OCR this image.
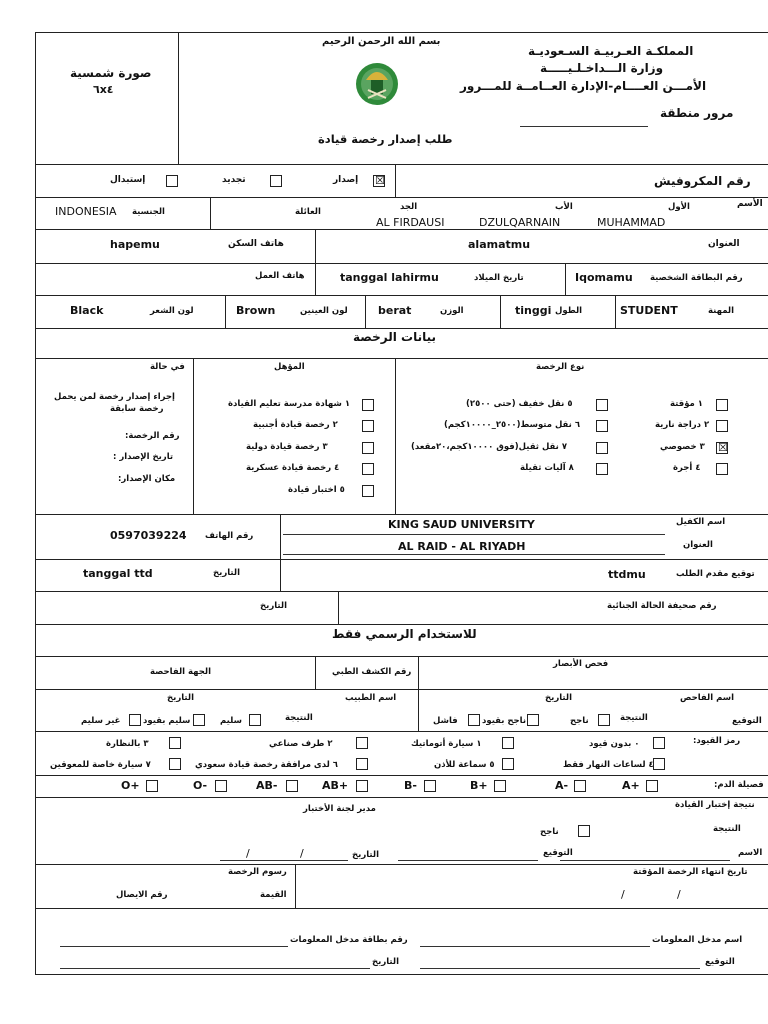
صورة شمسية
٦x٤
بسم الله الرحمن الرحيم
طلب إصدار رخصة قيادة
المملكـة العـربيـة السـعوديـة
وزارة الـــداخـلـيـــــة
الأمـــن العــــام-الإدارة العــامــة للمـــرور
مرور منطقة
رقم المكروفيش
☒
إصدار
تجديد
إستبدال
الأسم
الأول
الأب
الجد
العائلة
MUHAMMAD
DZULQARNAIN
AL FIRDAUSI
الجنسية
INDONESIA
العنوان
alamatmu
هاتف السكن
hapemu
رقم البطاقة الشخصية
Iqomamu
تاريخ الميلاد
tanggal lahirmu
هاتف العمل
المهنة
STUDENT
الطول
tinggi
الوزن
berat
لون العينين
Brown
لون الشعر
Black
بيانات الرخصة
نوع الرخصة
١ مؤقتة
٢ دراجة نارية
٣ خصوصي
٤ أجرة
☒
٥ نقل خفيف (حتى ٢٥٠٠)
٦ نقل متوسط(٢٥٠٠_١٠٠٠٠كجم)
٧ نقل ثقيل(فوق ١٠٠٠٠كجم،٢٠مقعد)
٨ آليات ثقيلة
المؤهل
١ شهادة مدرسة تعليم القيادة
٢ رخصة قيادة أجنبية
٣ رخصة قيادة دولية
٤ رخصة قيادة عسكرية
٥ اختبار قيادة
في حالة
إجراء إصدار رخصة لمن يحمل
رخصة سابقة
رقم الرخصة:
تاريخ الإصدار :
مكان الإصدار:
اسم الكفيل
KING SAUD UNIVERSITY
العنوان
AL RAID - AL RIYADH
رقم الهاتف
0597039224
توقيع مقدم الطلب
ttdmu
التاريخ
tanggal ttd
رقم صحيفة الحالة الجنائية
التاريخ
للاستخدام الرسمي فقط
فحص الأبصار
رقم الكشف الطبي
الجهة الفاحصة
اسم الفاحص
التوقيع
التاريخ
النتيجة
ناجح
ناجح بقيود
فاشل
التاريخ	اسم الطبيب
النتيجة
سليم
سليم بقيود
غير سليم
رمز القيود:
٠ بدون قيود
٤ لساعات النهار فقط
١ سيارة أتوماتيك
٥ سماعة للأذن
٢ طرف صناعي
٦ لدى مرافقة رخصة قيادة سعودي
٣ بالنظارة
٧ سيارة خاصة للمعوقين
فصيلة الدم:
A+
A-
B+
B-
AB+
AB-
O-
O+
نتيجة إختبار القيادة
النتيجة
ناجح
الاسم
التوقيع
التاريخ
/
/
مدير لجنة الأختبار
تاريخ انتهاء الرخصة المؤقتة
/
/
رسوم الرخصة
القيمة
رقم الايصال
اسم مدخل المعلومات
رقم بطاقة مدخل المعلومات
التوقيع
التاريخ
